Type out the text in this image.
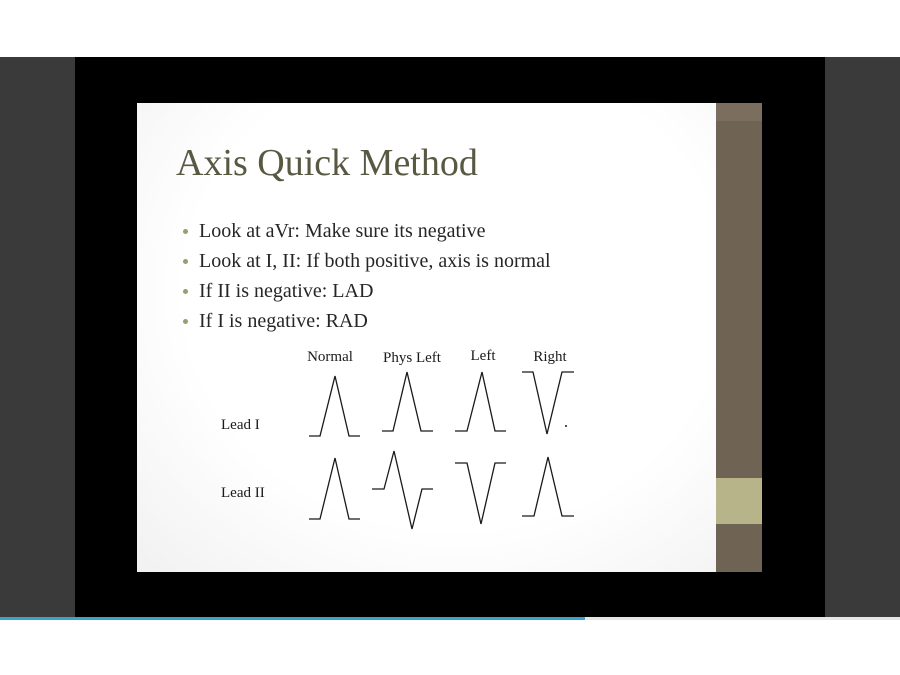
Axis Quick Method
Look at aVr: Make sure its negative
Look at I, II: If both positive, axis is normal
If II is negative: LAD
If I is negative: RAD
Normal Phys Left Left	Right
Lead I
Lead II
